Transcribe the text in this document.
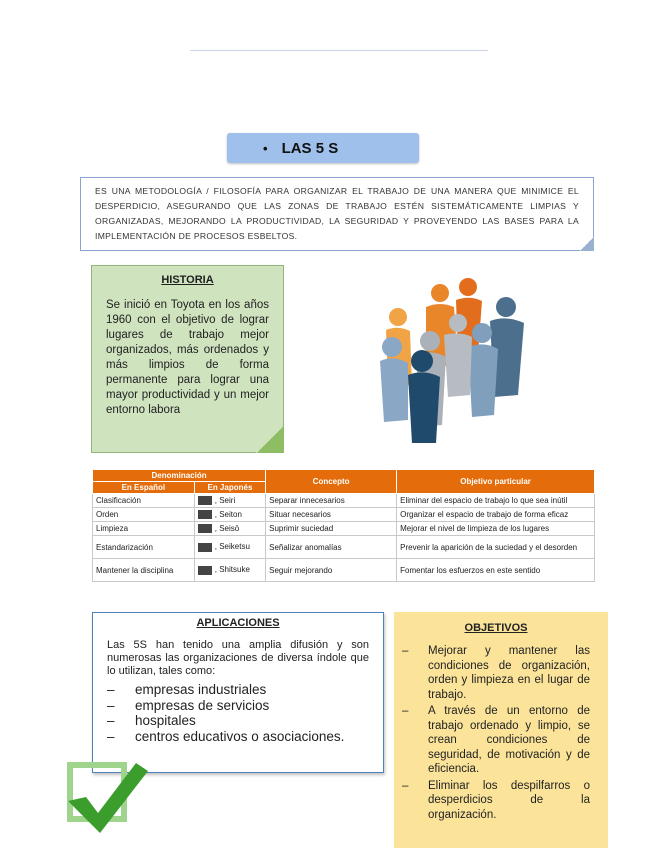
• LAS 5 S
ES UNA METODOLOGÍA / FILOSOFÍA PARA ORGANIZAR EL TRABAJO DE UNA MANERA QUE MINIMICE EL DESPERDICIO, ASEGURANDO QUE LAS ZONAS DE TRABAJO ESTÉN SISTEMÁTICAMENTE LIMPIAS Y ORGANIZADAS, MEJORANDO LA PRODUCTIVIDAD, LA SEGURIDAD Y PROVEYENDO LAS BASES PARA LA IMPLEMENTACIÓN DE PROCESOS ESBELTOS.
HISTORIA

Se inició en Toyota en los años 1960 con el objetivo de lograr lugares de trabajo mejor organizados, más ordenados y más limpios de forma permanente para lograr una mayor productividad y un mejor entorno labora

Denominación		Concepto	Objetivo particular
En Español	En Japonés		
Clasificación	, Seiri	Separar innecesarios	Eliminar del espacio de trabajo lo que sea inútil
Orden	, Seiton	Situar necesarios	Organizar el espacio de trabajo de forma eficaz
Limpieza	, Seisō	Suprimir suciedad	Mejorar el nivel de limpieza de los lugares
Estandarización	, Seiketsu	Señalizar anomalías	Prevenir la aparición de la suciedad y el desorden
Mantener la disciplina	, Shitsuke	Seguir mejorando	Fomentar los esfuerzos en este sentido
APLICACIONES

Las 5S han tenido una amplia difusión y son numerosas las organizaciones de diversa índole que lo utilizan, tales como:

–	empresas industriales
–	empresas de servicios
–	hospitales
–	centros educativos o asociaciones.
OBJETIVOS
–	Mejorar y mantener las condiciones de organización, orden y limpieza en el lugar de trabajo.
–	A través de un entorno de trabajo ordenado y limpio, se crean condiciones de seguridad, de motivación y de eficiencia.
–	Eliminar los despilfarros o desperdicios de la organización.
